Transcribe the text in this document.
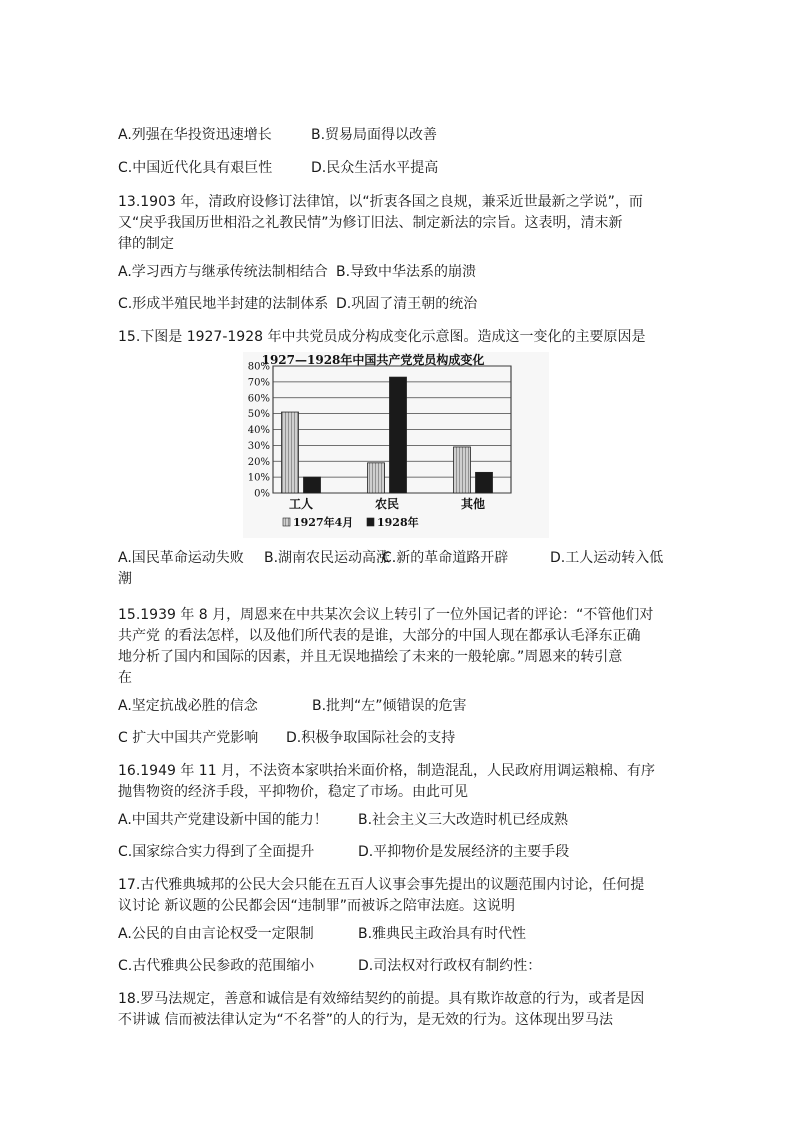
A.列强在华投资迅速增长	B.贸易局面得以改善
C.中国近代化具有艰巨性	D.民众生活水平提高
13.1903 年，清政府设修订法律馆，以“折衷各国之良规，兼采近世最新之学说”，而
又“戾乎我国历世相沿之礼教民情”为修订旧法、制定新法的宗旨。这表明，清末新
律的制定
A.学习西方与继承传统法制相结合 B.导致中华法系的崩溃
C.形成半殖民地半封建的法制体系 D.巩固了清王朝的统治
15.下图是 1927-1928 年中共党员成分构成变化示意图。造成这一变化的主要原因是
1927—1928年中国共产党党员构成变化
0%
10%
20%
30%
40%
50%
60%
70%
80%
工人	农民	其他
1927年4月 1928年
A.国民革命运动失败	B.湖南农民运动高涨
C.新的革命道路开辟	D.工人运动转入低
潮
15.1939 年 8 月，周恩来在中共某次会议上转引了一位外国记者的评论：“不管他们对
共产党 的看法怎样，以及他们所代表的是谁，大部分的中国人现在都承认毛泽东正确
地分析了国内和国际的因素，并且无误地描绘了未来的一般轮廓。”周恩来的转引意
在
A.坚定抗战必胜的信念	B.批判“左”倾错误的危害
C 扩大中国共产党影响	D.积极争取国际社会的支持
16.1949 年 11 月，不法资本家哄抬米面价格，制造混乱，人民政府用调运粮棉、有序
抛售物资的经济手段，平抑物价，稳定了市场。由此可见
A.中国共产党建设新中国的能力！	B.社会主义三大改造时机已经成熟
C.国家综合实力得到了全面提升	D.平抑物价是发展经济的主要手段
17.古代雅典城邦的公民大会只能在五百人议事会事先提出的议题范围内讨论，任何提
议讨论 新议题的公民都会因“违制罪”而被诉之陪审法庭。这说明
A.公民的自由言论权受一定限制	B.雅典民主政治具有时代性
C.古代雅典公民参政的范围缩小	D.司法权对行政权有制约性：
18.罗马法规定，善意和诚信是有效缔结契约的前提。具有欺诈故意的行为，或者是因
不讲诚 信而被法律认定为“不名誉”的人的行为，是无效的行为。这体现出罗马法
